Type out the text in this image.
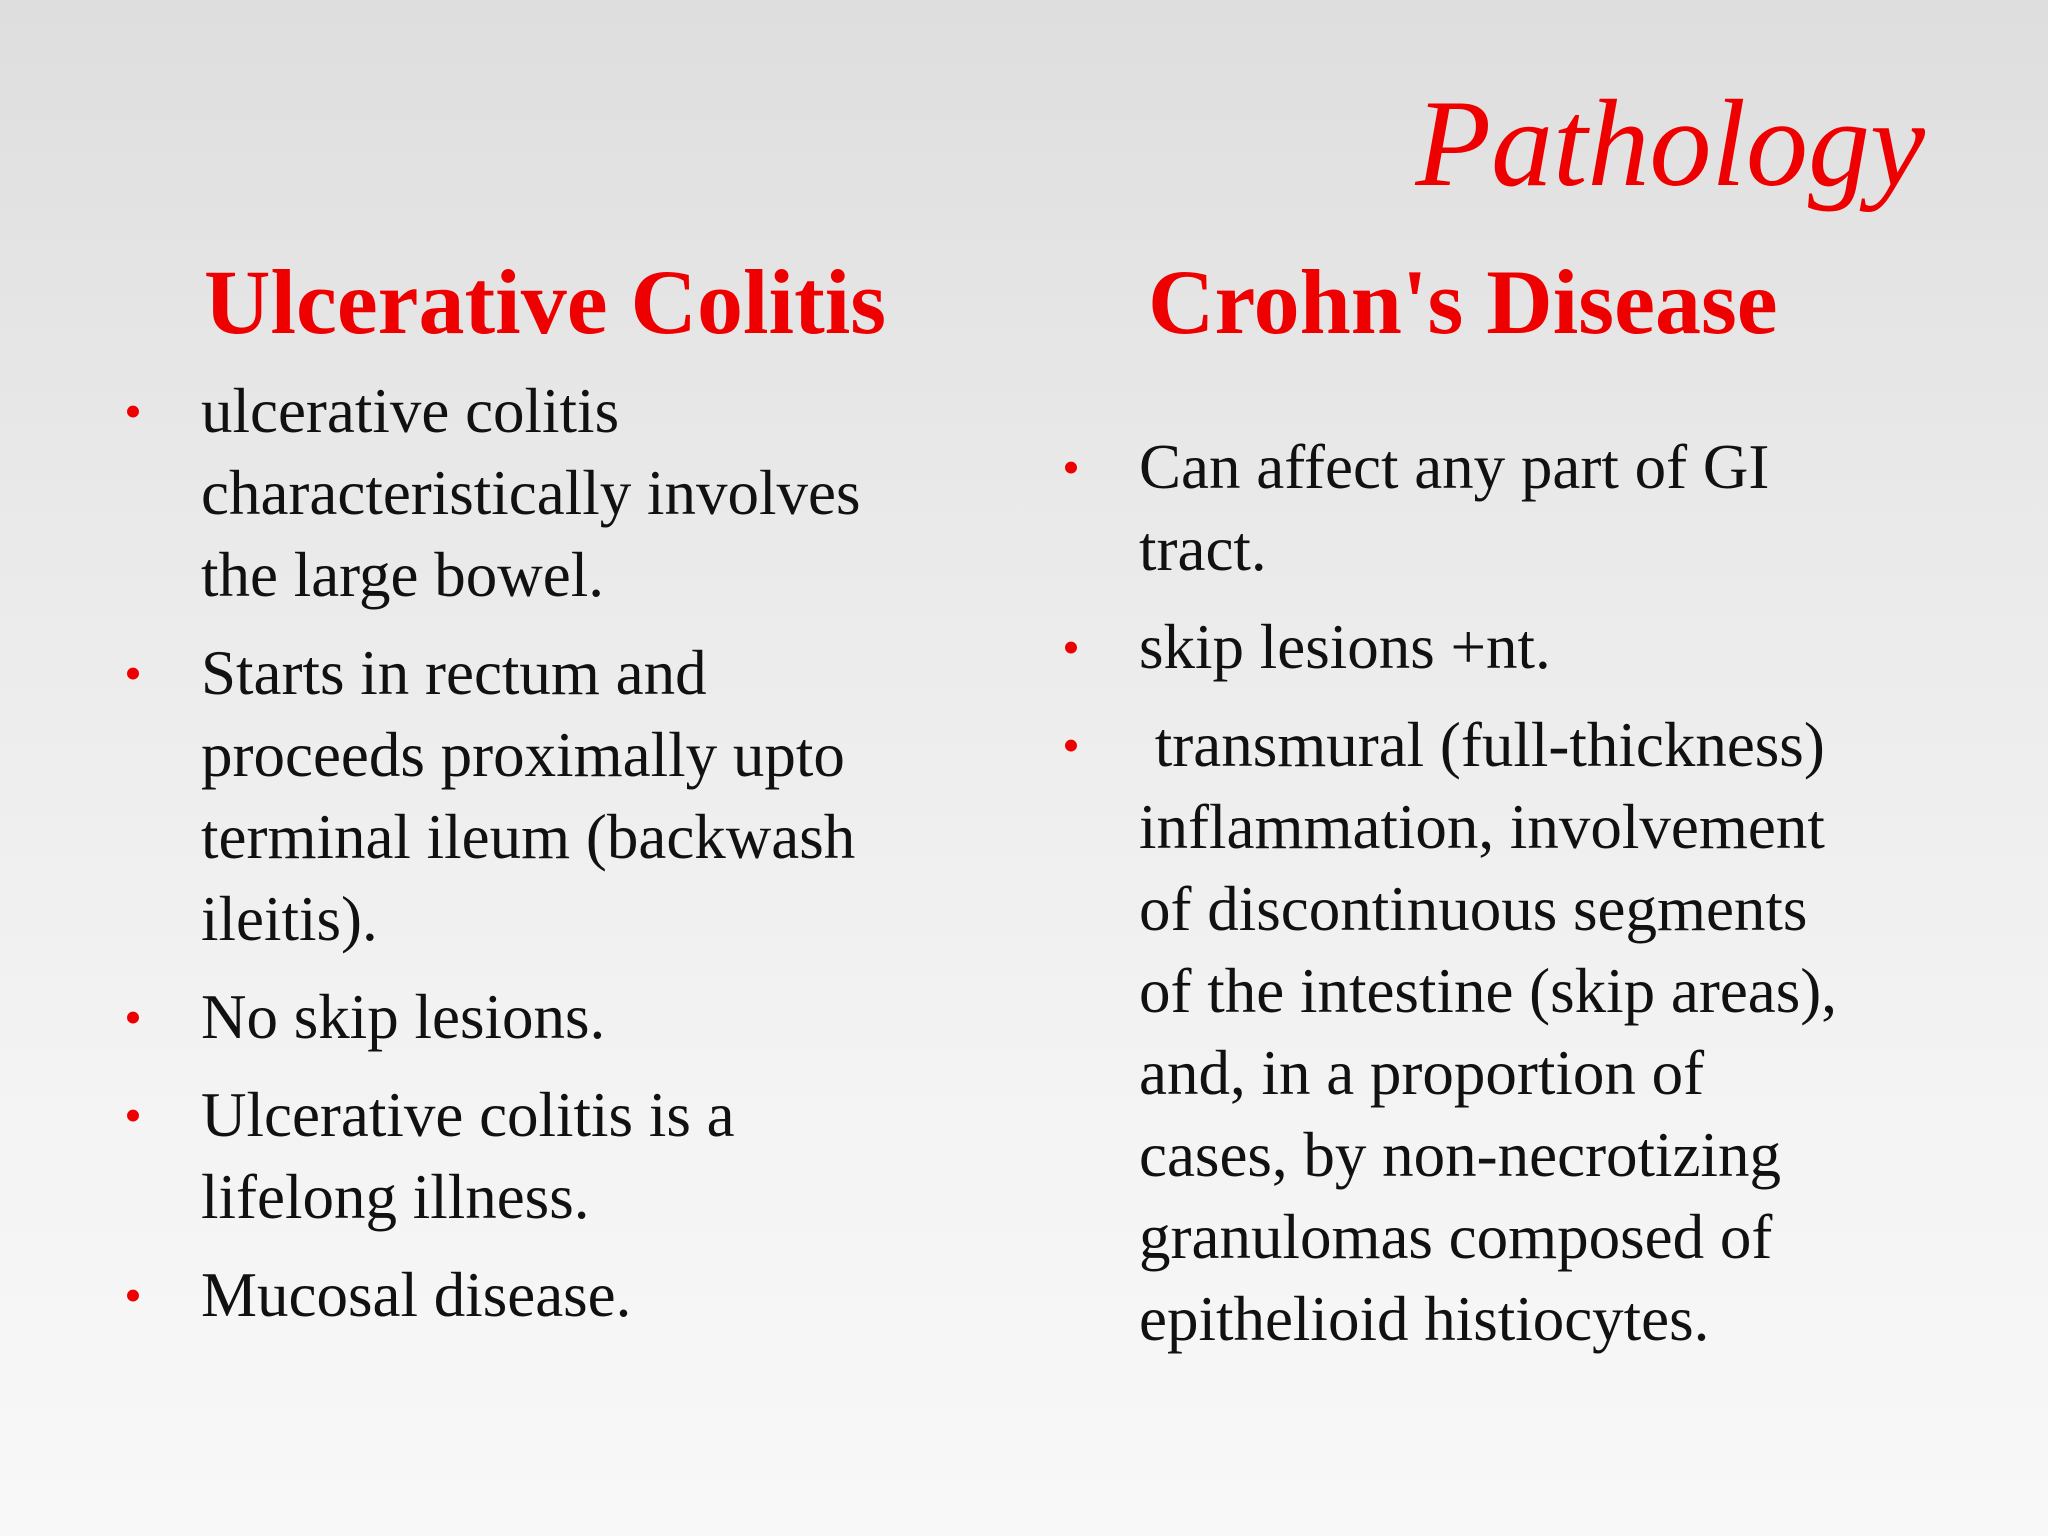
Pathology
Ulcerative Colitis	Crohn's Disease
• ulcerative colitis
characteristically involves
the large bowel.
• Starts in rectum and
proceeds proximally upto
terminal ileum (backwash
ileitis).
• No skip lesions.
• Ulcerative colitis is a
lifelong illness.
• Mucosal disease.
• Can affect any part of GI
tract.
• skip lesions +nt.
• transmural (full-thickness)
inflammation, involvement
of discontinuous segments
of the intestine (skip areas),
and, in a proportion of
cases, by non-necrotizing
granulomas composed of
epithelioid histiocytes.
